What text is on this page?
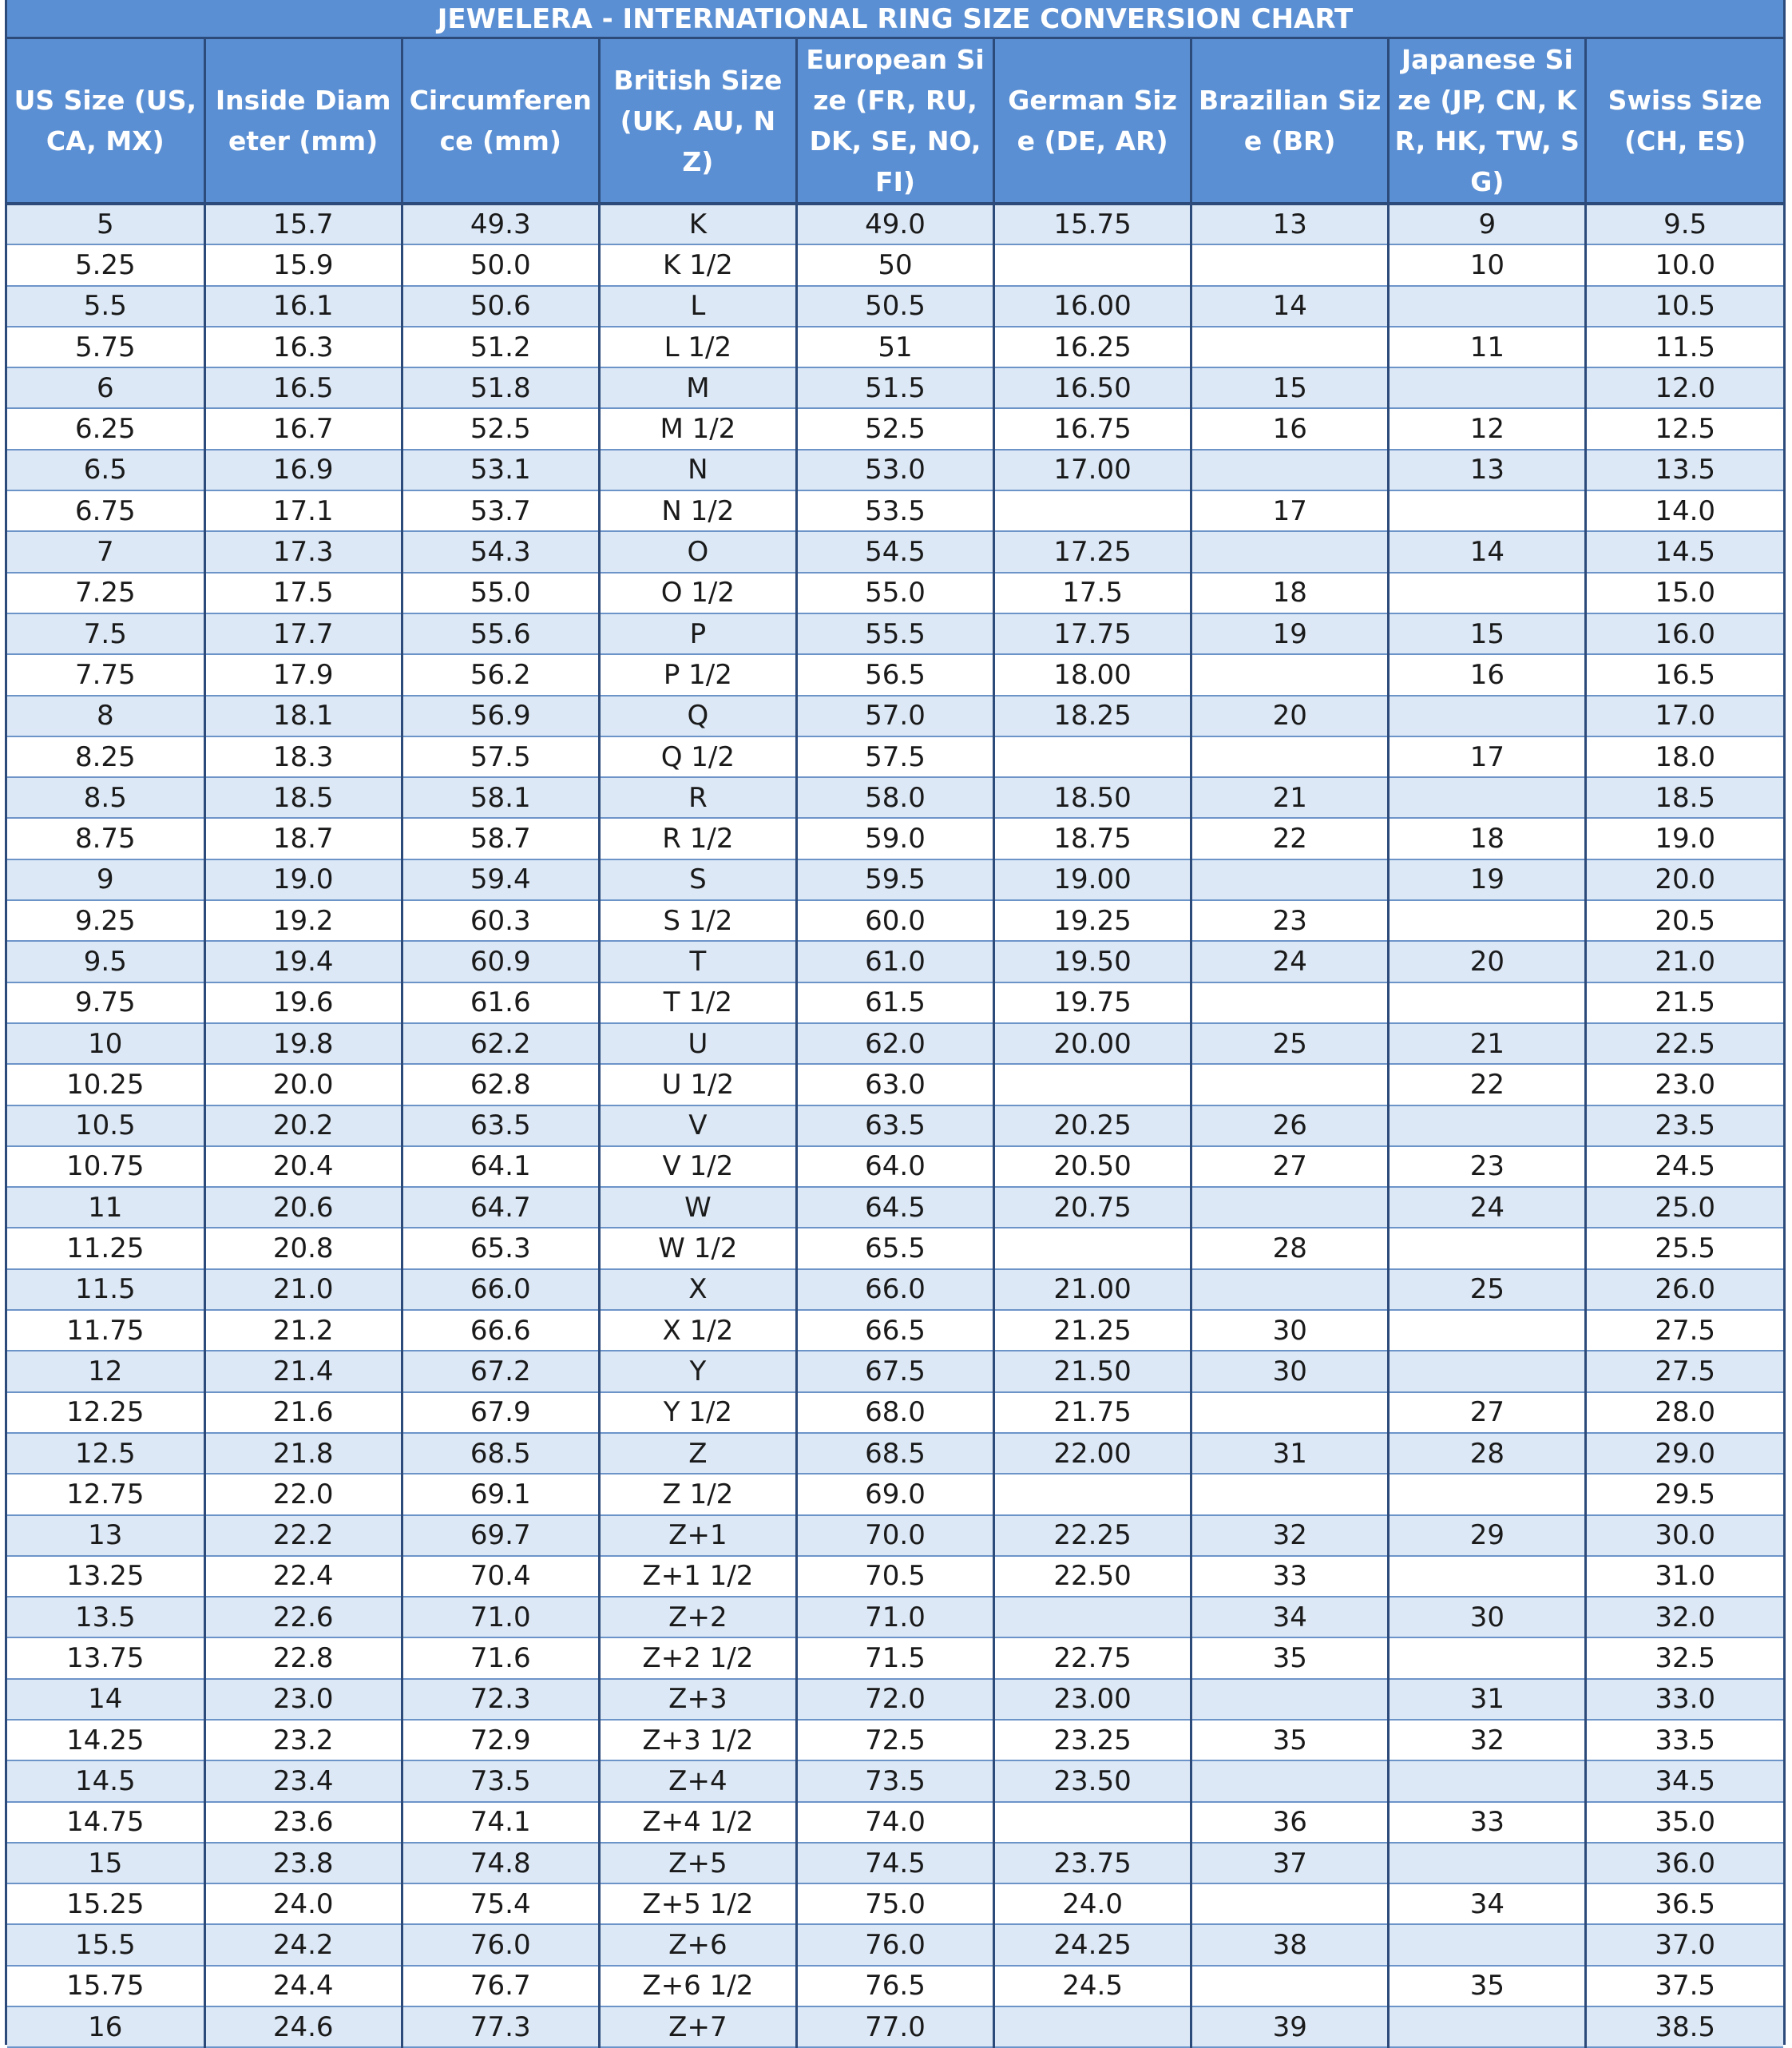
JEWELERA - INTERNATIONAL RING SIZE CONVERSION CHART
US Size (US, CA, MX)	Inside Diameter (mm)	Circumference (mm)	British Size (UK, AU, NZ)	European Size (FR, RU, DK, SE, NO, FI)	German Size (DE, AR)	Brazilian Size (BR)	Japanese Size (JP, CN, KR, HK, TW, SG)	Swiss Size (CH, ES)
5	15.7	49.3	K	49.0	15.75	13	9	9.5
5.25	15.9	50.0	K 1/2	50			10	10.0
5.5	16.1	50.6	L	50.5	16.00	14		10.5
5.75	16.3	51.2	L 1/2	51	16.25		11	11.5
6	16.5	51.8	M	51.5	16.50	15		12.0
6.25	16.7	52.5	M 1/2	52.5	16.75	16	12	12.5
6.5	16.9	53.1	N	53.0	17.00		13	13.5
6.75	17.1	53.7	N 1/2	53.5		17		14.0
7	17.3	54.3	O	54.5	17.25		14	14.5
7.25	17.5	55.0	O 1/2	55.0	17.5	18		15.0
7.5	17.7	55.6	P	55.5	17.75	19	15	16.0
7.75	17.9	56.2	P 1/2	56.5	18.00		16	16.5
8	18.1	56.9	Q	57.0	18.25	20		17.0
8.25	18.3	57.5	Q 1/2	57.5			17	18.0
8.5	18.5	58.1	R	58.0	18.50	21		18.5
8.75	18.7	58.7	R 1/2	59.0	18.75	22	18	19.0
9	19.0	59.4	S	59.5	19.00		19	20.0
9.25	19.2	60.3	S 1/2	60.0	19.25	23		20.5
9.5	19.4	60.9	T	61.0	19.50	24	20	21.0
9.75	19.6	61.6	T 1/2	61.5	19.75			21.5
10	19.8	62.2	U	62.0	20.00	25	21	22.5
10.25	20.0	62.8	U 1/2	63.0			22	23.0
10.5	20.2	63.5	V	63.5	20.25	26		23.5
10.75	20.4	64.1	V 1/2	64.0	20.50	27	23	24.5
11	20.6	64.7	W	64.5	20.75		24	25.0
11.25	20.8	65.3	W 1/2	65.5		28		25.5
11.5	21.0	66.0	X	66.0	21.00		25	26.0
11.75	21.2	66.6	X 1/2	66.5	21.25	30		27.5
12	21.4	67.2	Y	67.5	21.50	30		27.5
12.25	21.6	67.9	Y 1/2	68.0	21.75		27	28.0
12.5	21.8	68.5	Z	68.5	22.00	31	28	29.0
12.75	22.0	69.1	Z 1/2	69.0				29.5
13	22.2	69.7	Z+1	70.0	22.25	32	29	30.0
13.25	22.4	70.4	Z+1 1/2	70.5	22.50	33		31.0
13.5	22.6	71.0	Z+2	71.0		34	30	32.0
13.75	22.8	71.6	Z+2 1/2	71.5	22.75	35		32.5
14	23.0	72.3	Z+3	72.0	23.00		31	33.0
14.25	23.2	72.9	Z+3 1/2	72.5	23.25	35	32	33.5
14.5	23.4	73.5	Z+4	73.5	23.50			34.5
14.75	23.6	74.1	Z+4 1/2	74.0		36	33	35.0
15	23.8	74.8	Z+5	74.5	23.75	37		36.0
15.25	24.0	75.4	Z+5 1/2	75.0	24.0		34	36.5
15.5	24.2	76.0	Z+6	76.0	24.25	38		37.0
15.75	24.4	76.7	Z+6 1/2	76.5	24.5		35	37.5
16	24.6	77.3	Z+7	77.0		39		38.5
